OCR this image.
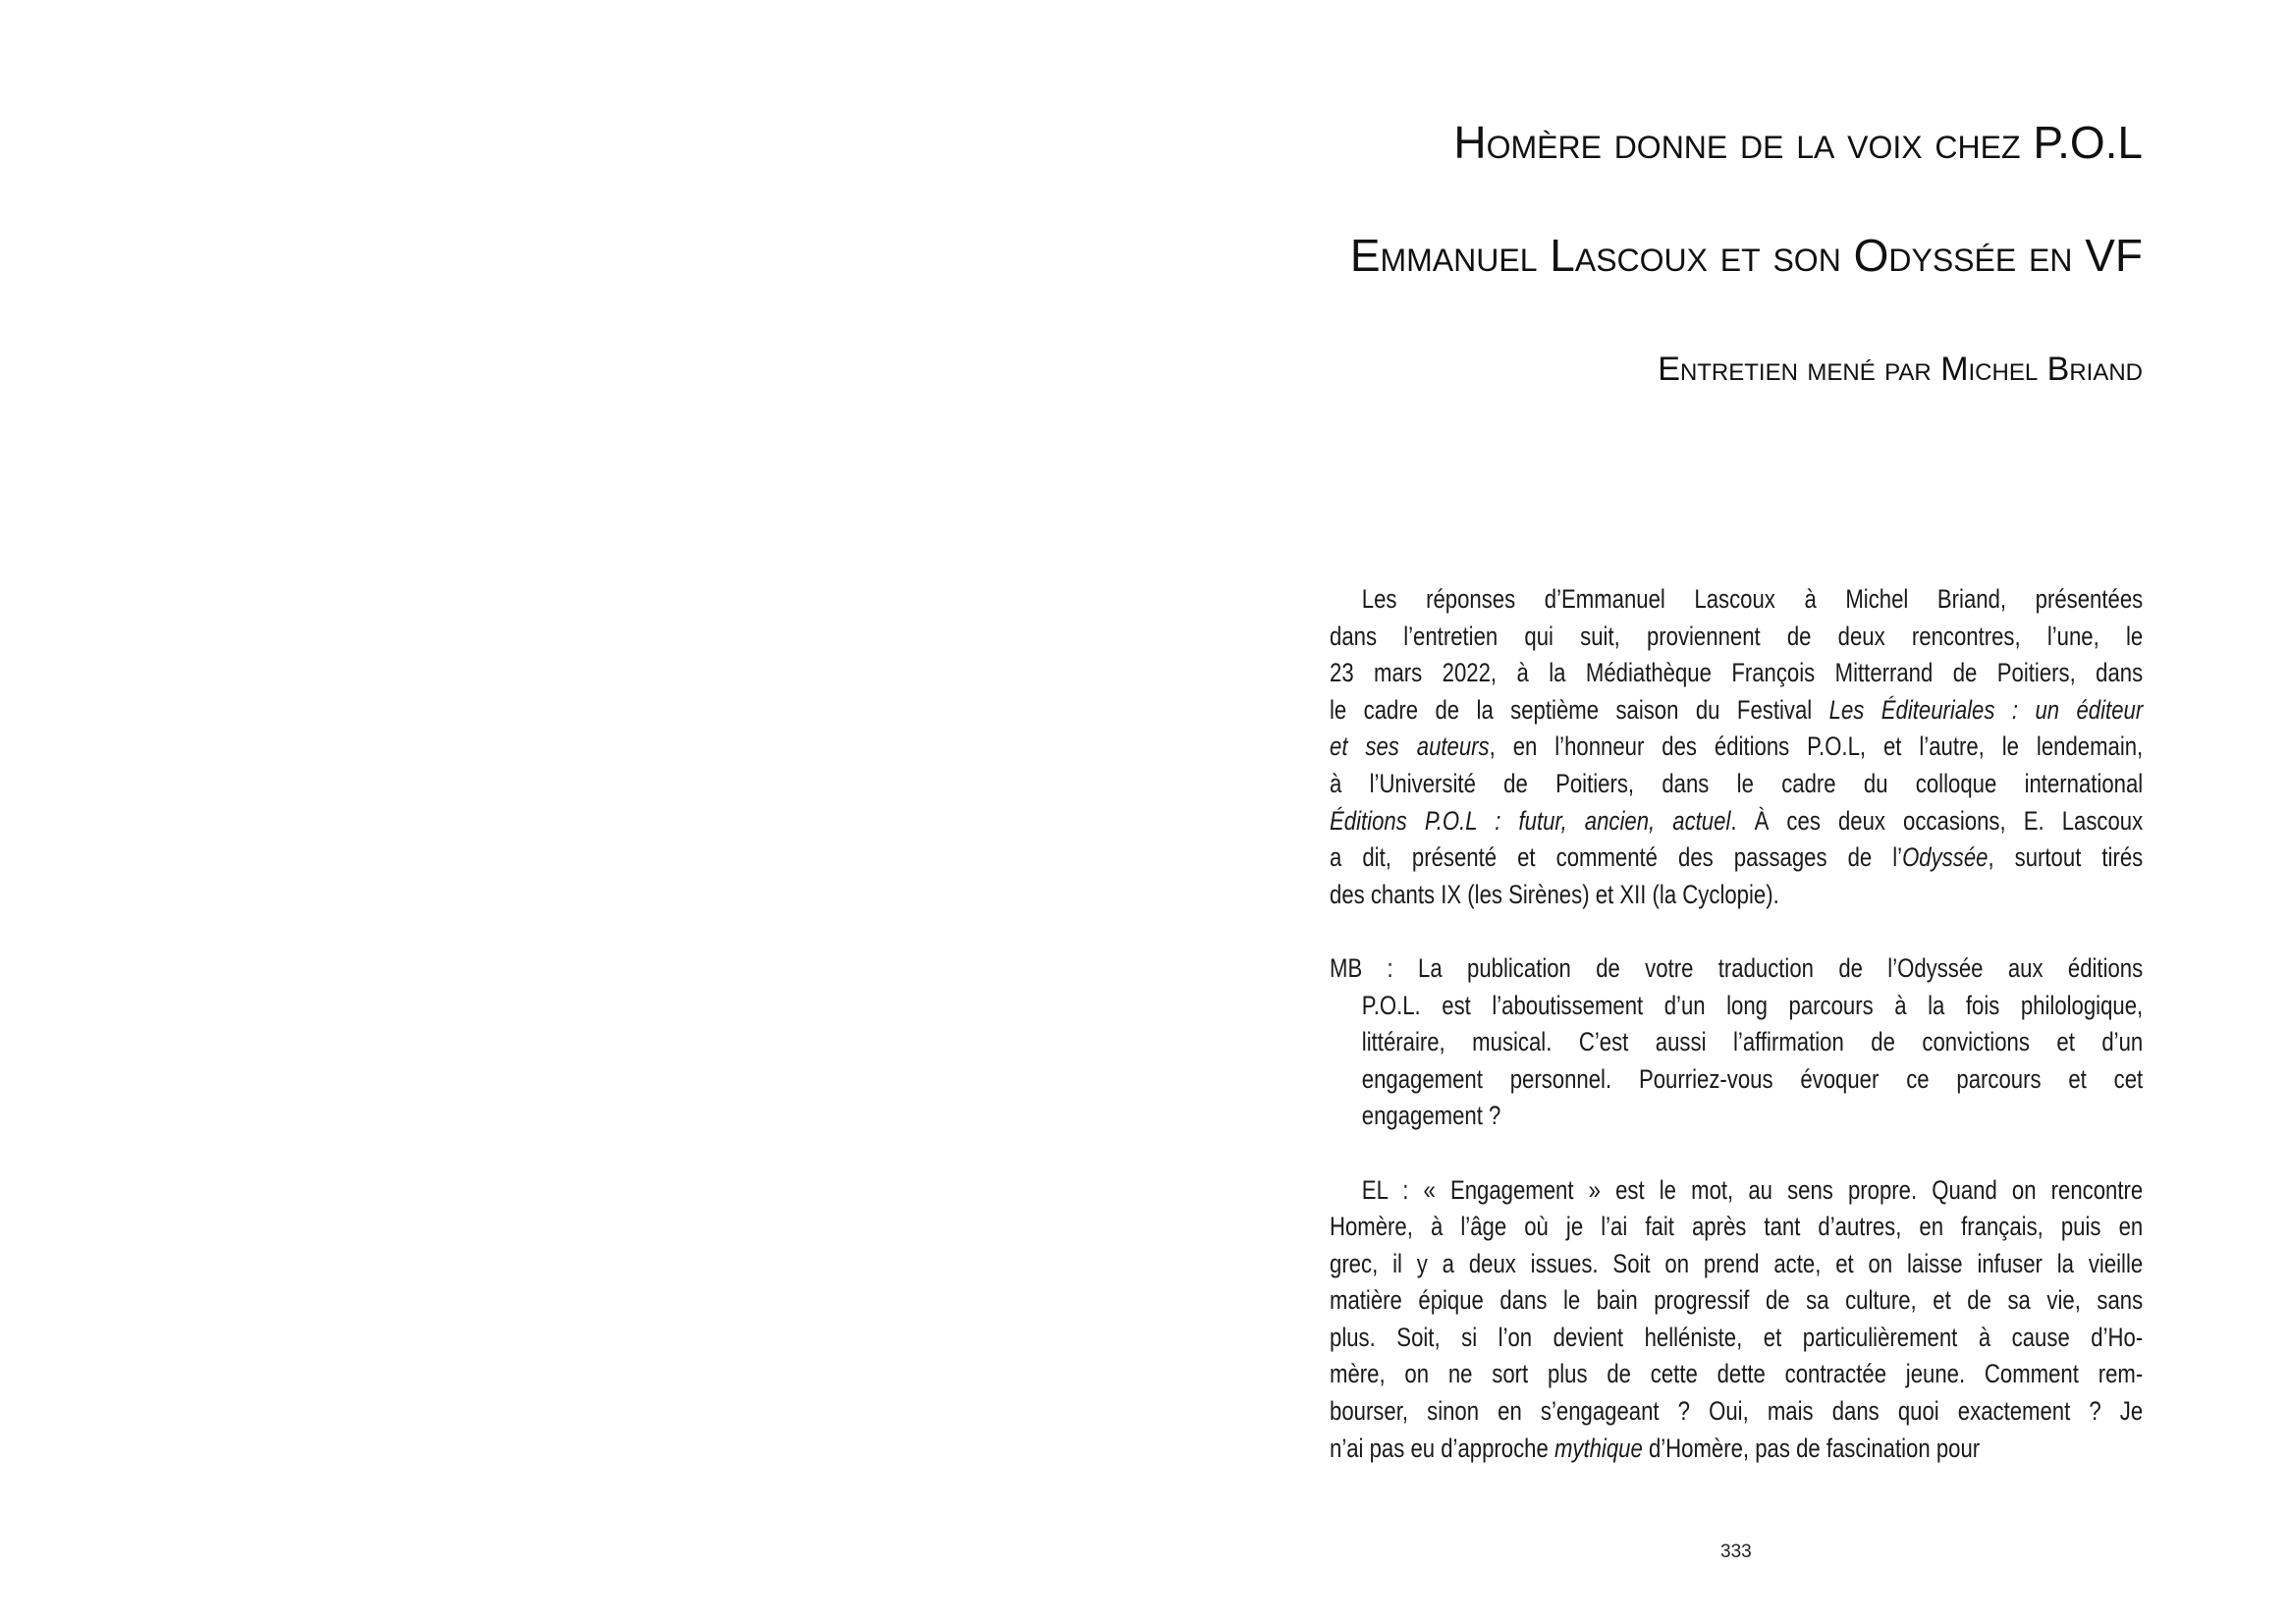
Homère donne de la voix chez P.O.L
Emmanuel Lascoux et son Odyssée en VF
Entretien mené par Michel Briand
Les réponses d’Emmanuel Lascoux à Michel Briand, présentées
dans l’entretien qui suit, proviennent de deux rencontres, l’une, le
23 mars 2022, à la Médiathèque François Mitterrand de Poitiers, dans
le cadre de la septième saison du Festival Les Éditeuriales : un éditeur
et ses auteurs, en l’honneur des éditions P.O.L, et l’autre, le lendemain,
à l’Université de Poitiers, dans le cadre du colloque international
Éditions P.O.L : futur, ancien, actuel. À ces deux occasions, E. Lascoux
a dit, présenté et commenté des passages de l’Odyssée, surtout tirés
des chants IX (les Sirènes) et XII (la Cyclopie).
MB : La publication de votre traduction de l’Odyssée aux éditions
P.O.L. est l’aboutissement d’un long parcours à la fois philologique,
littéraire, musical. C’est aussi l’affirmation de convictions et d’un
engagement personnel. Pourriez-vous évoquer ce parcours et cet
engagement ?
EL : « Engagement » est le mot, au sens propre. Quand on rencontre
Homère, à l’âge où je l’ai fait après tant d’autres, en français, puis en
grec, il y a deux issues. Soit on prend acte, et on laisse infuser la vieille
matière épique dans le bain progressif de sa culture, et de sa vie, sans
plus. Soit, si l’on devient helléniste, et particulièrement à cause d’Ho-
mère, on ne sort plus de cette dette contractée jeune. Comment rem-
bourser, sinon en s’engageant ? Oui, mais dans quoi exactement ? Je
n’ai pas eu d’approche mythique d’Homère, pas de fascination pour
333
